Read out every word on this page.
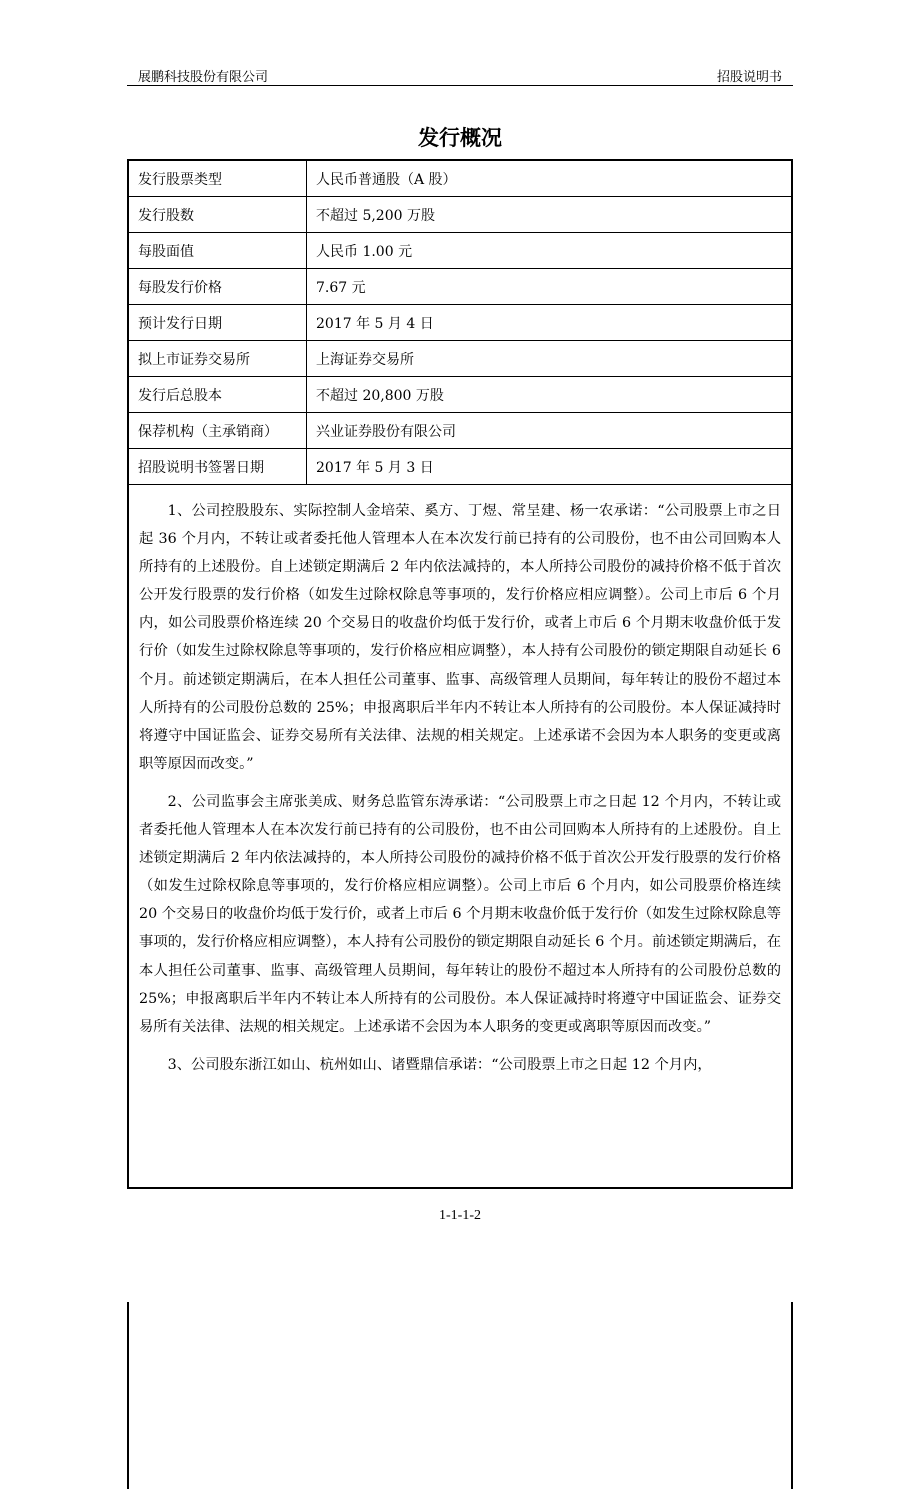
展鹏科技股份有限公司	招股说明书
发行概况
发行股票类型	人民币普通股（A 股）
发行股数	不超过 5,200 万股
每股面值	人民币 1.00 元
每股发行价格	7.67 元
预计发行日期	2017 年 5 月 4 日
拟上市证券交易所	上海证券交易所
发行后总股本	不超过 20,800 万股
保荐机构（主承销商）	兴业证券股份有限公司
招股说明书签署日期	2017 年 5 月 3 日

1、公司控股股东、实际控制人金培荣、奚方、丁煜、常呈建、杨一农承诺：“公司股票上市之日起 36 个月内，不转让或者委托他人管理本人在本次发行前已持有的公司股份，也不由公司回购本人所持有的上述股份。自上述锁定期满后 2 年内依法减持的，本人所持公司股份的减持价格不低于首次公开发行股票的发行价格（如发生过除权除息等事项的，发行价格应相应调整）。公司上市后 6 个月内，如公司股票价格连续 20 个交易日的收盘价均低于发行价，或者上市后 6 个月期末收盘价低于发行价（如发生过除权除息等事项的，发行价格应相应调整），本人持有公司股份的锁定期限自动延长 6 个月。前述锁定期满后，在本人担任公司董事、监事、高级管理人员期间，每年转让的股份不超过本人所持有的公司股份总数的 25%；申报离职后半年内不转让本人所持有的公司股份。本人保证减持时将遵守中国证监会、证券交易所有关法律、法规的相关规定。上述承诺不会因为本人职务的变更或离职等原因而改变。”

2、公司监事会主席张美成、财务总监管东涛承诺：“公司股票上市之日起 12 个月内，不转让或者委托他人管理本人在本次发行前已持有的公司股份，也不由公司回购本人所持有的上述股份。自上述锁定期满后 2 年内依法减持的，本人所持公司股份的减持价格不低于首次公开发行股票的发行价格（如发生过除权除息等事项的，发行价格应相应调整）。公司上市后 6 个月内，如公司股票价格连续 20 个交易日的收盘价均低于发行价，或者上市后 6 个月期末收盘价低于发行价（如发生过除权除息等事项的，发行价格应相应调整），本人持有公司股份的锁定期限自动延长 6 个月。前述锁定期满后，在本人担任公司董事、监事、高级管理人员期间，每年转让的股份不超过本人所持有的公司股份总数的 25%；申报离职后半年内不转让本人所持有的公司股份。本人保证减持时将遵守中国证监会、证券交易所有关法律、法规的相关规定。上述承诺不会因为本人职务的变更或离职等原因而改变。”

3、公司股东浙江如山、杭州如山、诸暨鼎信承诺：“公司股票上市之日起 12 个月内，

1-1-1-2
